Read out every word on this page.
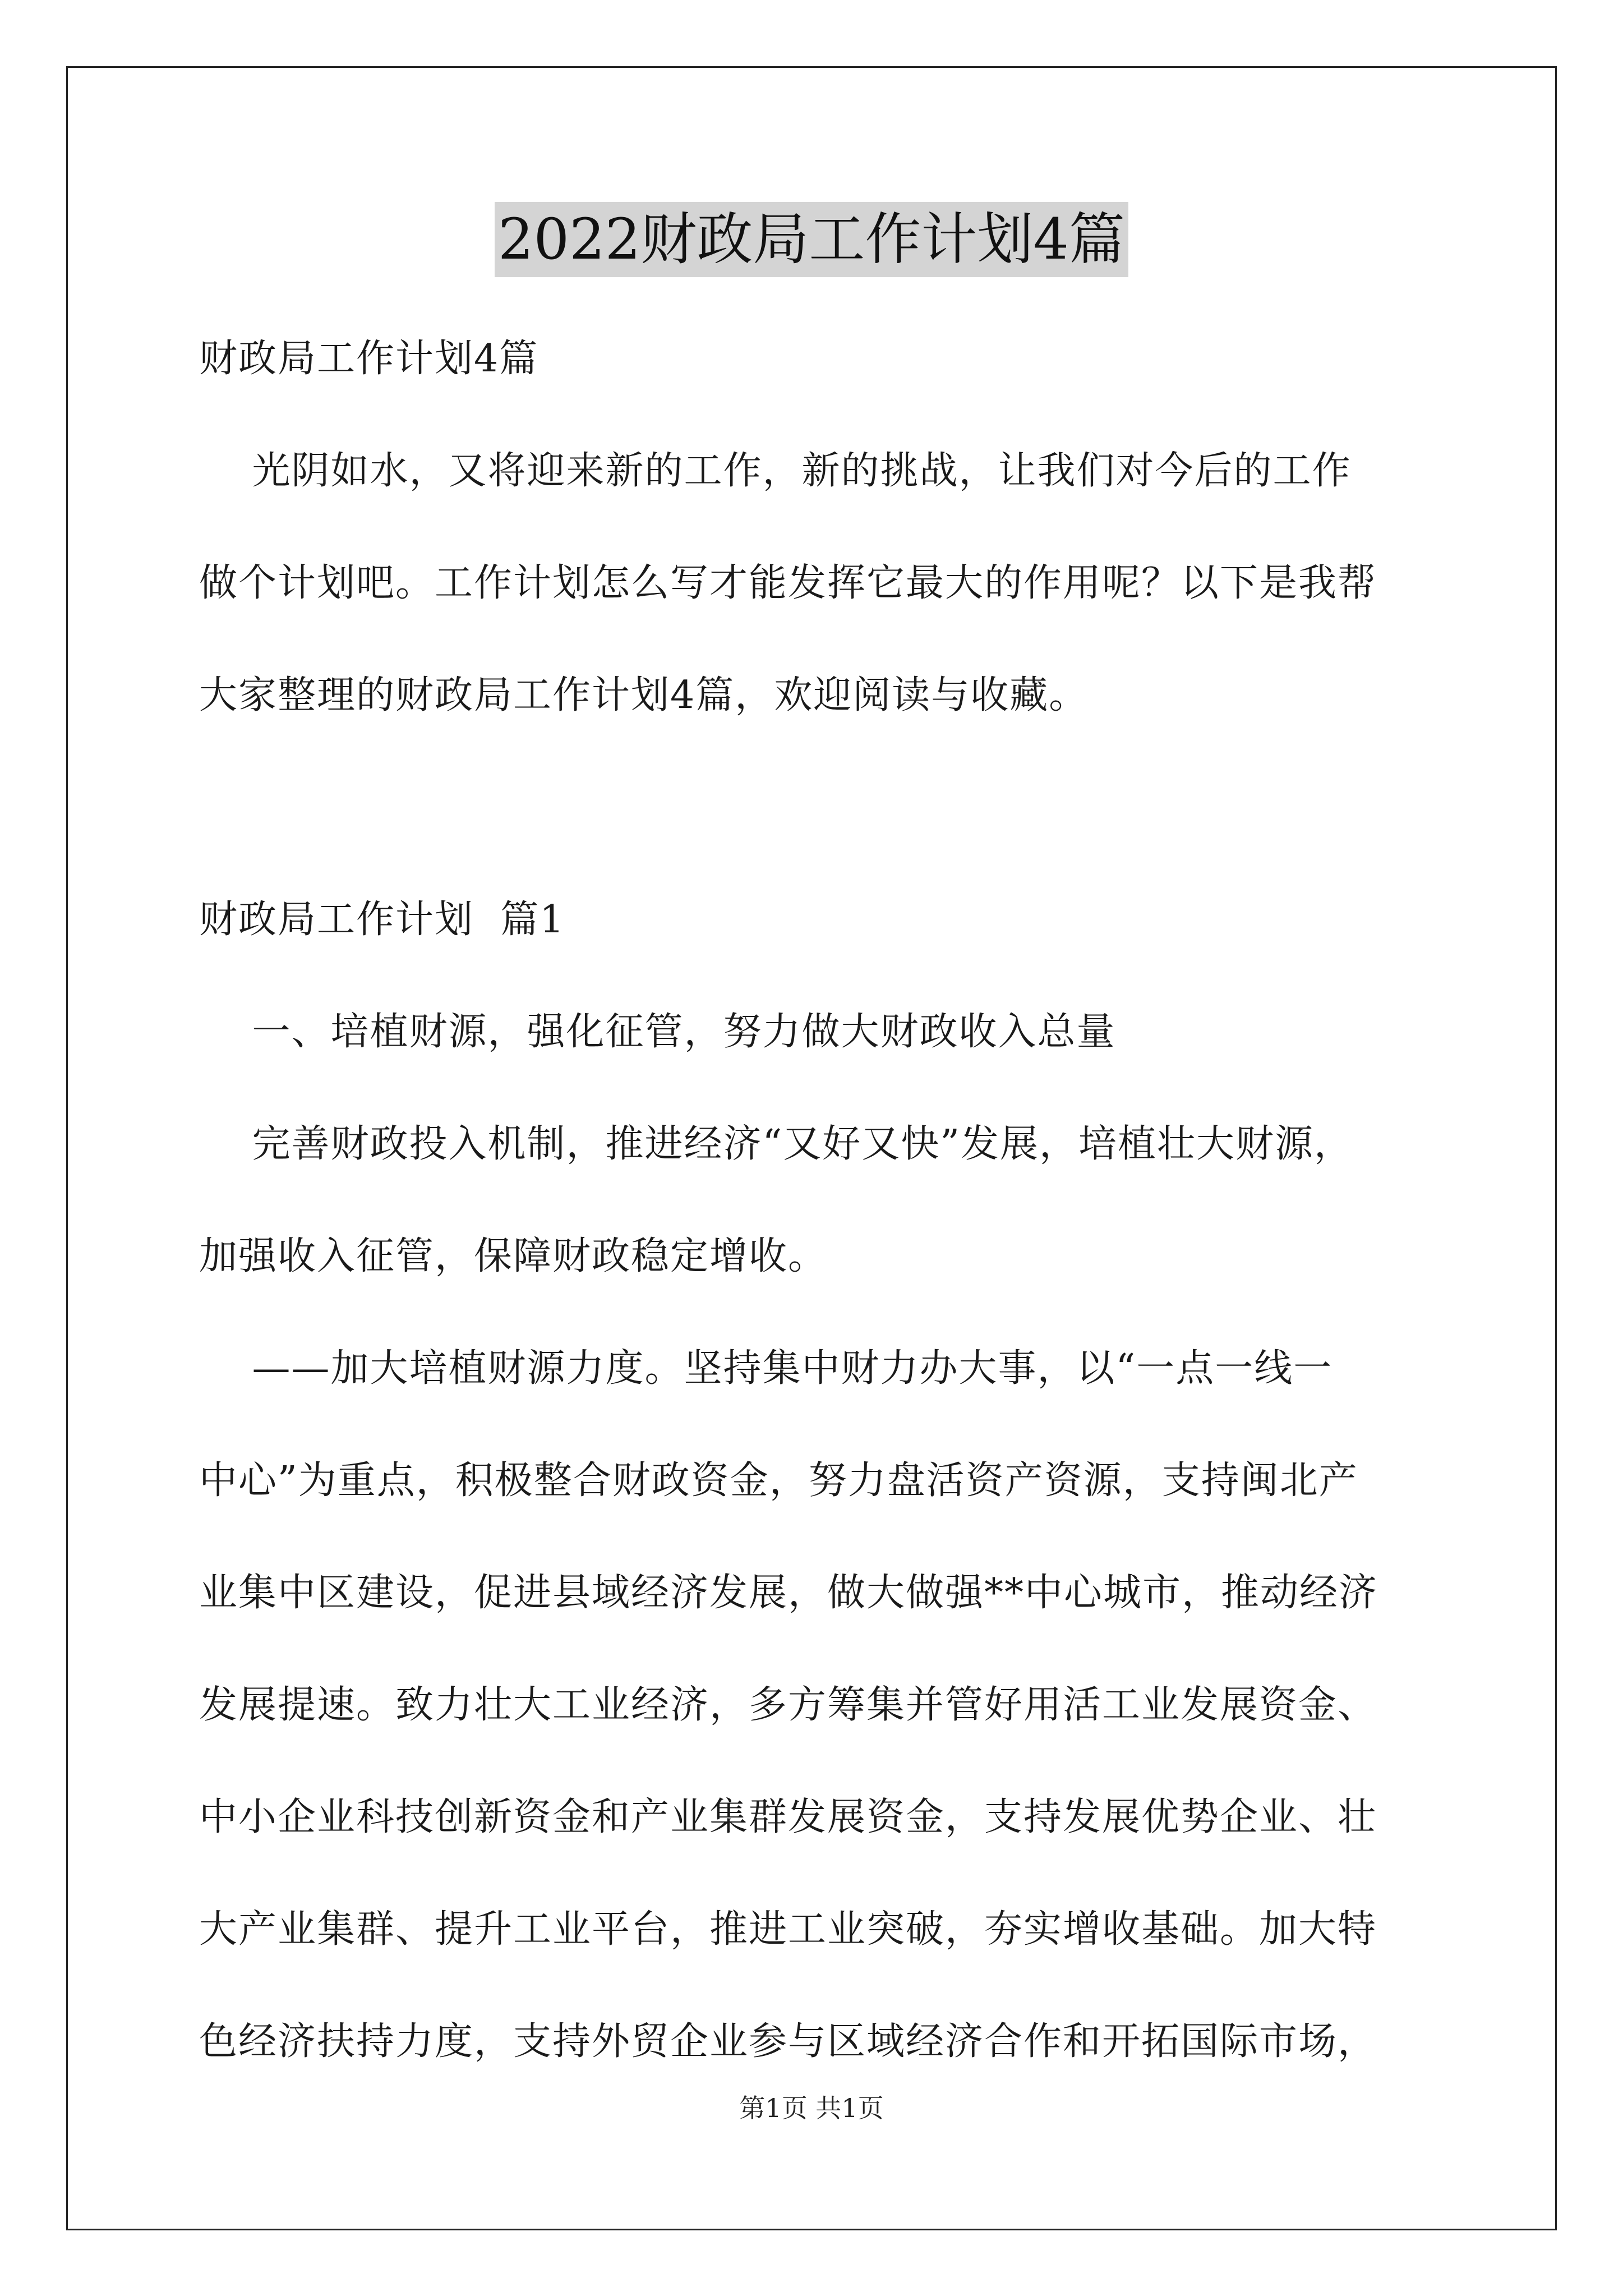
2022财政局工作计划4篇
财政局工作计划4篇
光阴如水，又将迎来新的工作，新的挑战，让我们对今后的工作
做个计划吧。工作计划怎么写才能发挥它最大的作用呢？以下是我帮
大家整理的财政局工作计划4篇，欢迎阅读与收藏。
财政局工作计划  篇1
一、培植财源，强化征管，努力做大财政收入总量
完善财政投入机制，推进经济“又好又快”发展，培植壮大财源，
加强收入征管，保障财政稳定增收。
——加大培植财源力度。坚持集中财力办大事，以“一点一线一
中心”为重点，积极整合财政资金，努力盘活资产资源，支持闽北产
业集中区建设，促进县域经济发展，做大做强**中心城市，推动经济
发展提速。致力壮大工业经济，多方筹集并管好用活工业发展资金、
中小企业科技创新资金和产业集群发展资金，支持发展优势企业、壮
大产业集群、提升工业平台，推进工业突破，夯实增收基础。加大特
色经济扶持力度，支持外贸企业参与区域经济合作和开拓国际市场，
第1页 共1页
